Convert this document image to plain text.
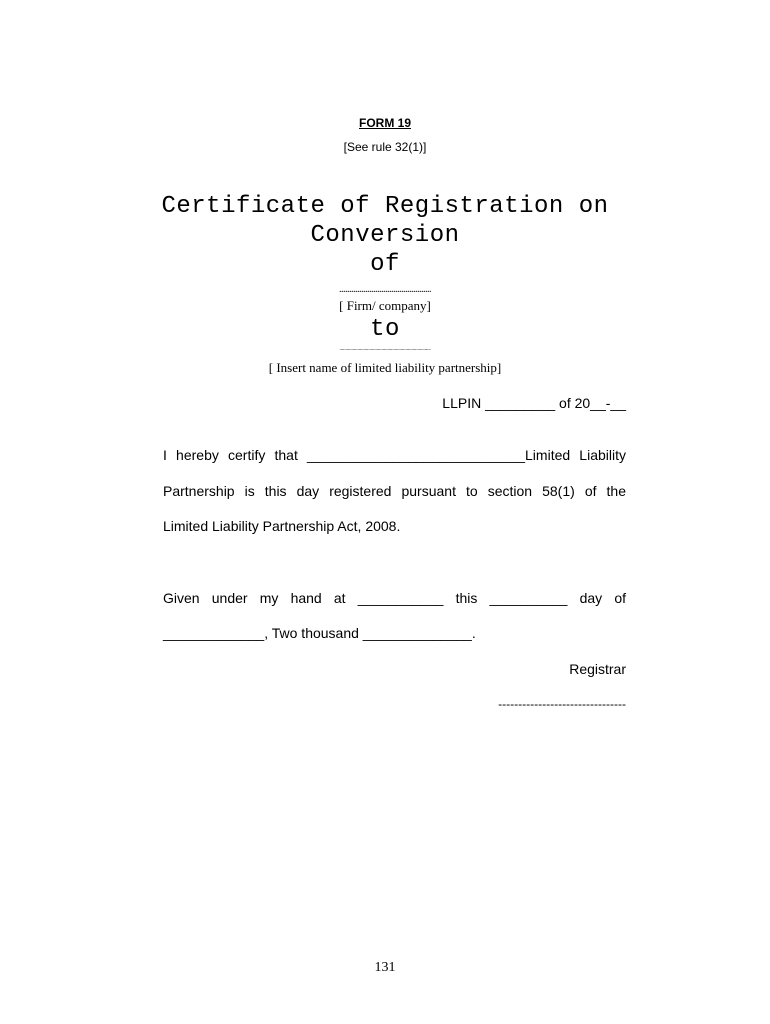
FORM 19
[See rule 32(1)]
Certificate of Registration on
Conversion
of
..............................................
[ Firm/ company]
to
............................................................................
[ Insert name of limited liability partnership]
LLPIN _________ of 20__-__
I hereby certify that ____________________________Limited Liability
Partnership is this day registered pursuant to section 58(1) of the
Limited Liability Partnership Act, 2008.
Given under my hand at ___________ this __________ day of
_____________, Two thousand ______________.
Registrar
--------------------------------
131
